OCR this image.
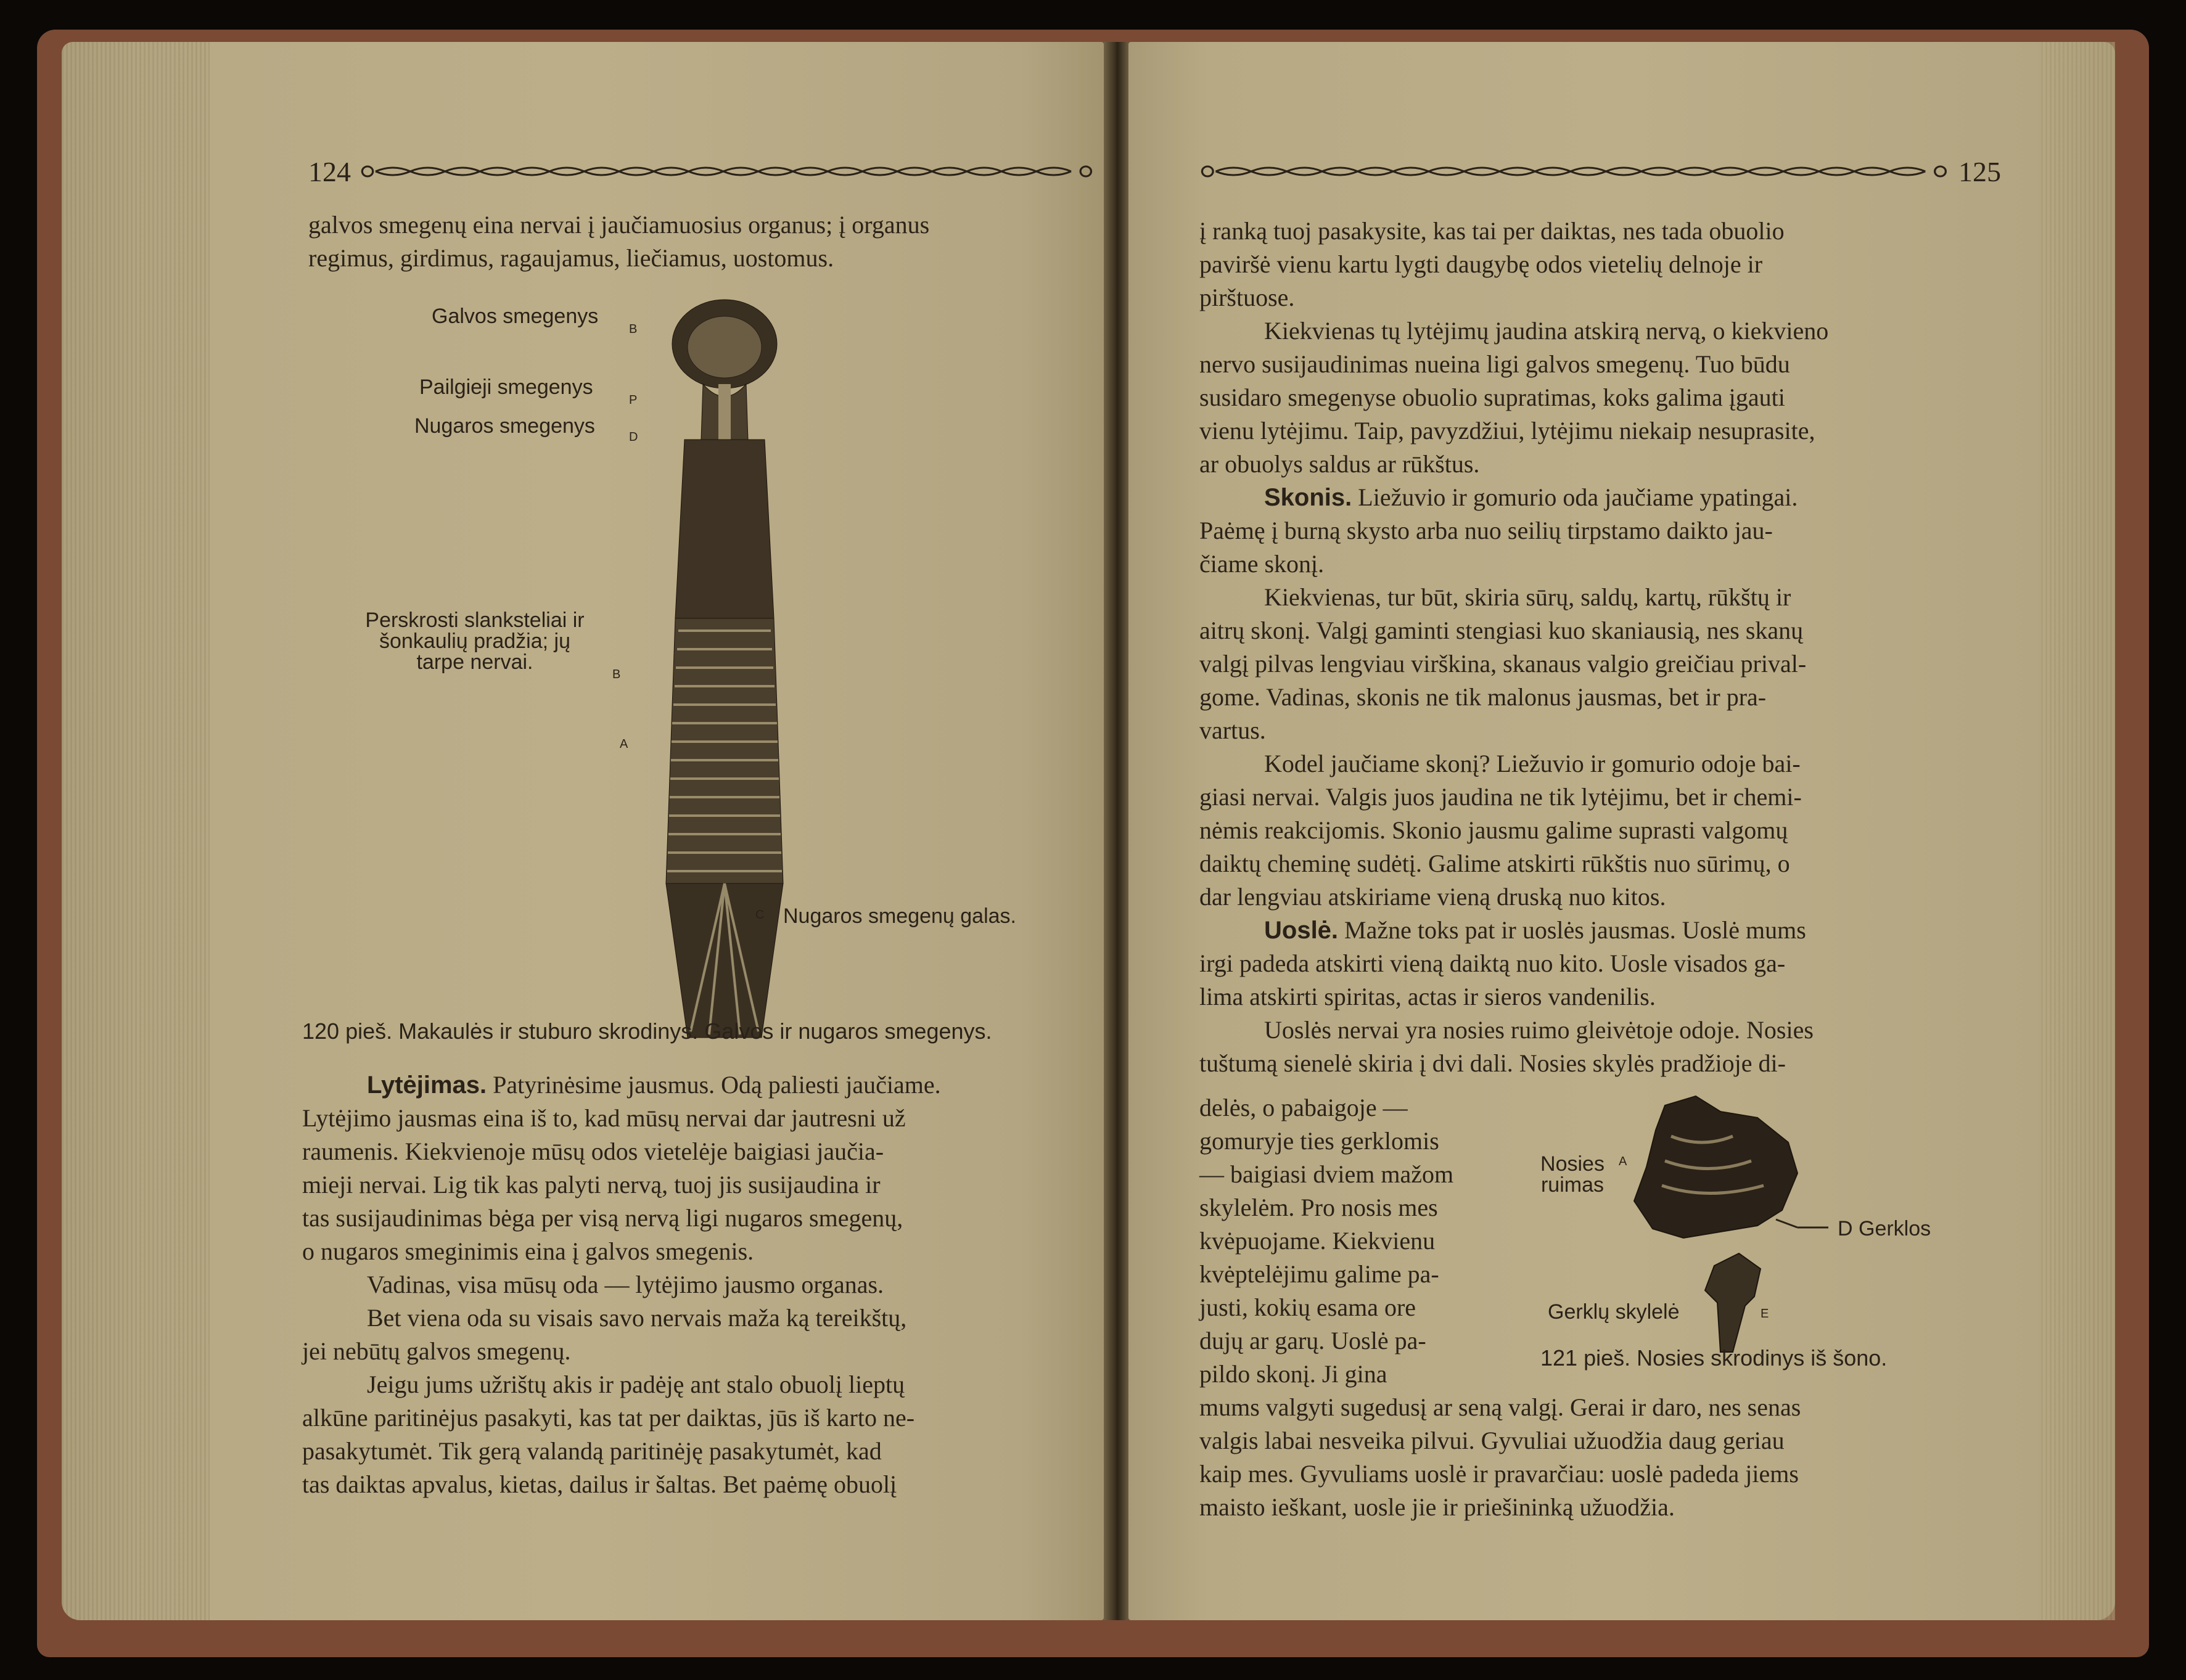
124

galvos smegenų eina nervai į jaučiamuosius organus; į organus

regimus, girdimus, ragaujamus, liečiamus, uostomus.

B
P
D
B
A
C
Galvos smegenys
Pailgieji smegenys
Nugaros smegenys
Perskrosti slanksteliai ir
šonkaulių pradžia; jų
tarpe nervai.
Nugaros smegenų galas.
120 pieš. Makaulės ir stuburo skrodinys. Galvos ir nugaros smegenys.

Lytėjimas. Patyrinėsime jausmus. Odą paliesti jaučiame.

Lytėjimo jausmas eina iš to, kad mūsų nervai dar jautresni už

raumenis. Kiekvienoje mūsų odos vietelėje baigiasi jaučia-

mieji nervai. Lig tik kas palyti nervą, tuoj jis susijaudina ir

tas susijaudinimas bėga per visą nervą ligi nugaros smegenų,

o nugaros smeginimis eina į galvos smegenis.

Vadinas, visa mūsų oda — lytėjimo jausmo organas.

Bet viena oda su visais savo nervais maža ką tereikštų,

jei nebūtų galvos smegenų.

Jeigu jums užrištų akis ir padėję ant stalo obuolį lieptų

alkūne paritinėjus pasakyti, kas tat per daiktas, jūs iš karto ne-

pasakytumėt. Tik gerą valandą paritinėję pasakytumėt, kad

tas daiktas apvalus, kietas, dailus ir šaltas. Bet paėmę obuolį

125

į ranką tuoj pasakysite, kas tai per daiktas, nes tada obuolio

paviršė vienu kartu lygti daugybę odos vietelių delnoje ir

pirštuose.

Kiekvienas tų lytėjimų jaudina atskirą nervą, o kiekvieno

nervo susijaudinimas nueina ligi galvos smegenų. Tuo būdu

susidaro smegenyse obuolio supratimas, koks galima įgauti

vienu lytėjimu. Taip, pavyzdžiui, lytėjimu niekaip nesuprasite,

ar obuolys saldus ar rūkštus.

Skonis. Liežuvio ir gomurio oda jaučiame ypatingai.

Paėmę į burną skysto arba nuo seilių tirpstamo daikto jau-

čiame skonį.

Kiekvienas, tur būt, skiria sūrų, saldų, kartų, rūkštų ir

aitrų skonį. Valgį gaminti stengiasi kuo skaniausią, nes skanų

valgį pilvas lengviau virškina, skanaus valgio greičiau prival-

gome. Vadinas, skonis ne tik malonus jausmas, bet ir pra-

vartus.

Kodel jaučiame skonį? Liežuvio ir gomurio odoje bai-

giasi nervai. Valgis juos jaudina ne tik lytėjimu, bet ir chemi-

nėmis reakcijomis. Skonio jausmu galime suprasti valgomų

daiktų cheminę sudėtį. Galime atskirti rūkštis nuo sūrimų, o

dar lengviau atskiriame vieną druską nuo kitos.

Uoslė. Mažne toks pat ir uoslės jausmas. Uoslė mums

irgi padeda atskirti vieną daiktą nuo kito. Uosle visados ga-

lima atskirti spiritas, actas ir sieros vandenilis.

Uoslės nervai yra nosies ruimo gleivėtoje odoje. Nosies

tuštumą sienelė skiria į dvi dali. Nosies skylės pradžioje di-

delės, o pabaigoje —

gomuryje ties gerklomis

— baigiasi dviem mažom

skylelėm. Pro nosis mes

kvėpuojame. Kiekvienu

kvėptelėjimu galime pa-

justi, kokių esama ore

dujų ar garų. Uoslė pa-

pildo skonį. Ji gina

A
E
Nosies
ruimas
D Gerklos
Gerklų skylelė
121 pieš. Nosies skrodinys iš šono.

mums valgyti sugedusį ar seną valgį. Gerai ir daro, nes senas

valgis labai nesveika pilvui. Gyvuliai užuodžia daug geriau

kaip mes. Gyvuliams uoslė ir pravarčiau: uoslė padeda jiems

maisto ieškant, uosle jie ir priešininką užuodžia.
